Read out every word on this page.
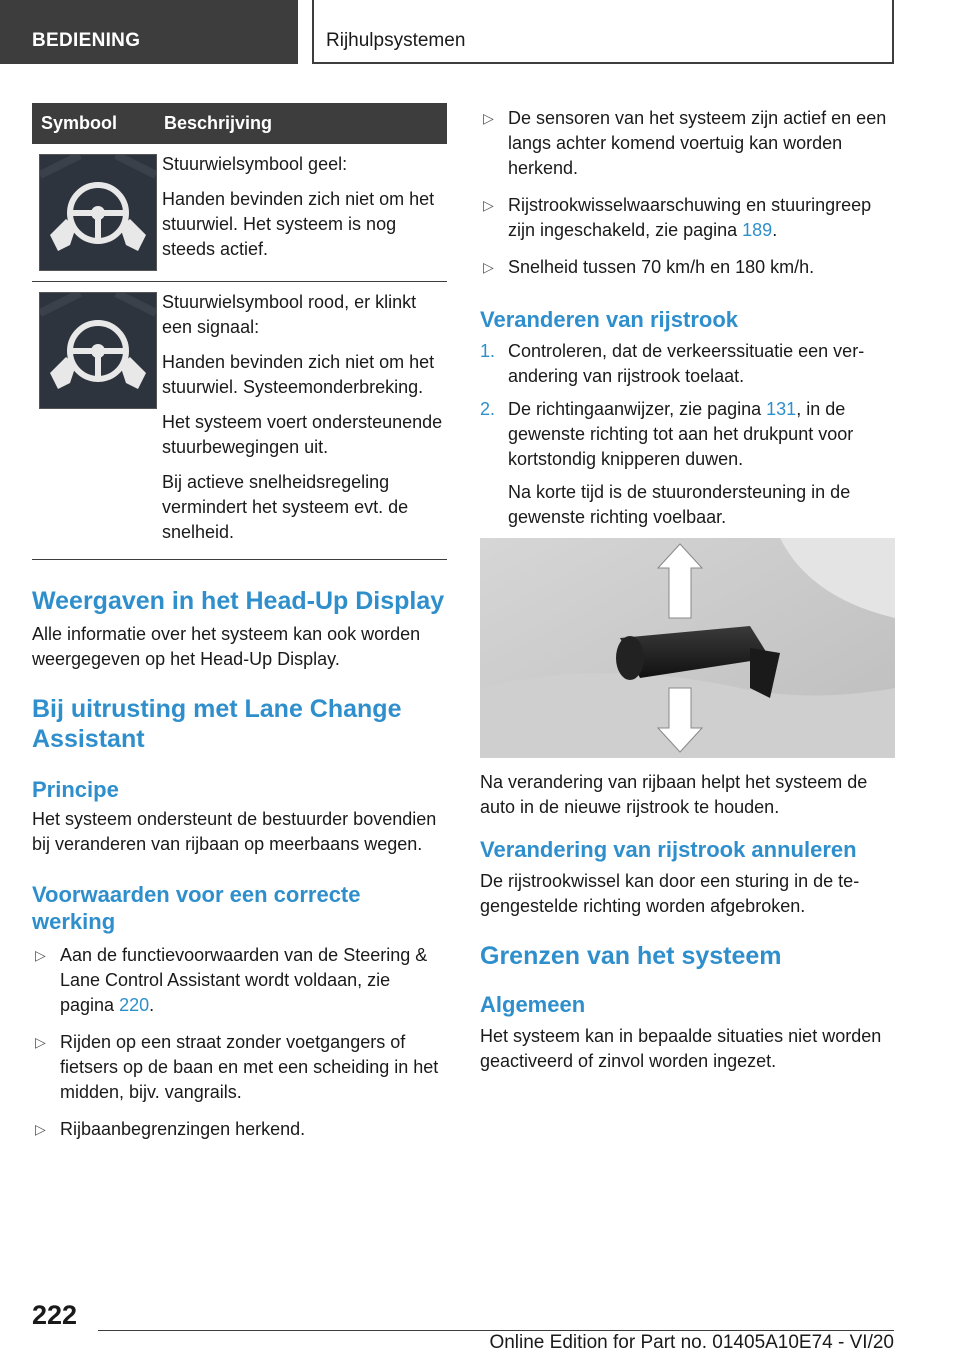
BEDIENING	Rijhulpsystemen
Symbool	Beschrijving

Stuurwielsymbool geel:

Handen bevinden zich niet om het stuurwiel. Het systeem is nog steeds actief.

Stuurwielsymbool rood, er klinkt een signaal:

Handen bevinden zich niet om het stuurwiel. Systeemonderbreking.

Het systeem voert ondersteunende stuurbewegingen uit.

Bij actieve snelheidsregeling vermindert het systeem evt. de snelheid.

Weergaven in het Head-Up Display

Alle informatie over het systeem kan ook worden weergegeven op het Head-Up Display.

Bij uitrusting met Lane Change Assistant
Principe

Het systeem ondersteunt de bestuurder bovendien bij veranderen van rijbaan op meerbaans wegen.

Voorwaarden voor een correcte werking
▷ Aan de functievoorwaarden van de Steering & Lane Control Assistant wordt voldaan, zie pagina 220.
▷ Rijden op een straat zonder voetgangers of fietsers op de baan en met een scheiding in het midden, bijv. vangrails.
▷ Rijbaanbegrenzingen herkend.
▷ De sensoren van het systeem zijn actief en een langs achter komend voertuig kan worden herkend.
▷ Rijstrookwisselwaarschuwing en stuuringreep zijn ingeschakeld, zie pagina 189.
▷ Snelheid tussen 70 km/h en 180 km/h.
Veranderen van rijstrook
1. Controleren, dat de verkeerssituatie een verandering van rijstrook toelaat.
2. De richtingaanwijzer, zie pagina 131, in de gewenste richting tot aan het drukpunt voor kortstondig knipperen duwen.

Na korte tijd is de stuurondersteuning in de gewenste richting voelbaar.

Na verandering van rijbaan helpt het systeem de auto in de nieuwe rijstrook te houden.

Verandering van rijstrook annuleren

De rijstrookwissel kan door een sturing in de tegengestelde richting worden afgebroken.

Grenzen van het systeem
Algemeen

Het systeem kan in bepaalde situaties niet worden geactiveerd of zinvol worden ingezet.

222
Online Edition for Part no. 01405A10E74 - VI/20
